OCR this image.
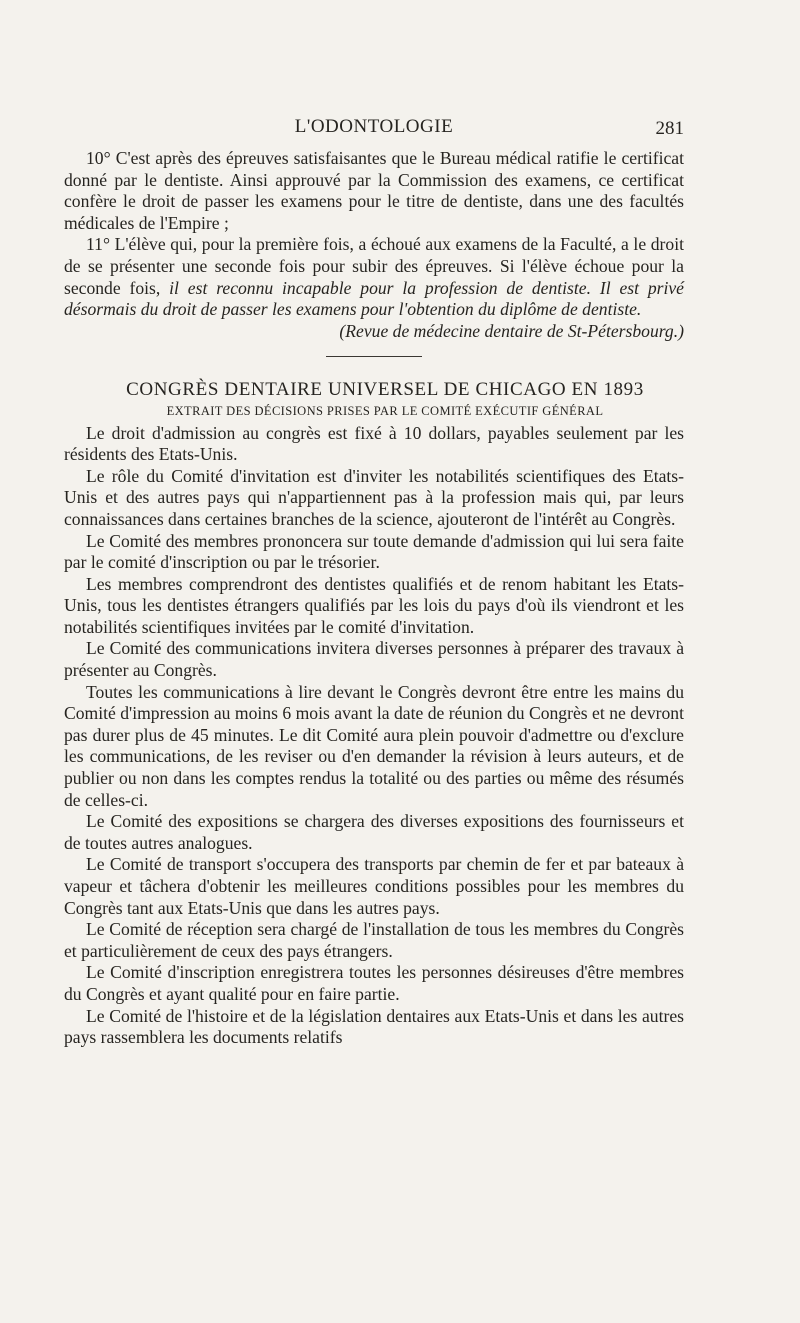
L'ODONTOLOGIE	281

10° C'est après des épreuves satisfaisantes que le Bureau médical ratifie le certificat donné par le dentiste. Ainsi approuvé par la Commission des examens, ce certificat confère le droit de passer les examens pour le titre de dentiste, dans une des facultés médicales de l'Empire ;

11° L'élève qui, pour la première fois, a échoué aux examens de la Faculté, a le droit de se présenter une seconde fois pour subir des épreuves. Si l'élève échoue pour la seconde fois, il est reconnu incapable pour la profession de dentiste. Il est privé désormais du droit de passer les examens pour l'obtention du diplôme de dentiste.

(Revue de médecine dentaire de St-Pétersbourg.)

CONGRÈS DENTAIRE UNIVERSEL DE CHICAGO EN 1893

EXTRAIT DES DÉCISIONS PRISES PAR LE COMITÉ EXÉCUTIF GÉNÉRAL

Le droit d'admission au congrès est fixé à 10 dollars, payables seulement par les résidents des Etats-Unis.

Le rôle du Comité d'invitation est d'inviter les notabilités scientifiques des Etats-Unis et des autres pays qui n'appartiennent pas à la profession mais qui, par leurs connaissances dans certaines branches de la science, ajouteront de l'intérêt au Congrès.

Le Comité des membres prononcera sur toute demande d'admission qui lui sera faite par le comité d'inscription ou par le trésorier.

Les membres comprendront des dentistes qualifiés et de renom habitant les Etats-Unis, tous les dentistes étrangers qualifiés par les lois du pays d'où ils viendront et les notabilités scientifiques invitées par le comité d'invitation.

Le Comité des communications invitera diverses personnes à préparer des travaux à présenter au Congrès.

Toutes les communications à lire devant le Congrès devront être entre les mains du Comité d'impression au moins 6 mois avant la date de réunion du Congrès et ne devront pas durer plus de 45 minutes. Le dit Comité aura plein pouvoir d'admettre ou d'exclure les communications, de les reviser ou d'en demander la révision à leurs auteurs, et de publier ou non dans les comptes rendus la totalité ou des parties ou même des résumés de celles-ci.

Le Comité des expositions se chargera des diverses expositions des fournisseurs et de toutes autres analogues.

Le Comité de transport s'occupera des transports par chemin de fer et par bateaux à vapeur et tâchera d'obtenir les meilleures conditions possibles pour les membres du Congrès tant aux Etats-Unis que dans les autres pays.

Le Comité de réception sera chargé de l'installation de tous les membres du Congrès et particulièrement de ceux des pays étrangers.

Le Comité d'inscription enregistrera toutes les personnes désireuses d'être membres du Congrès et ayant qualité pour en faire partie.

Le Comité de l'histoire et de la législation dentaires aux Etats-Unis et dans les autres pays rassemblera les documents relatifs
